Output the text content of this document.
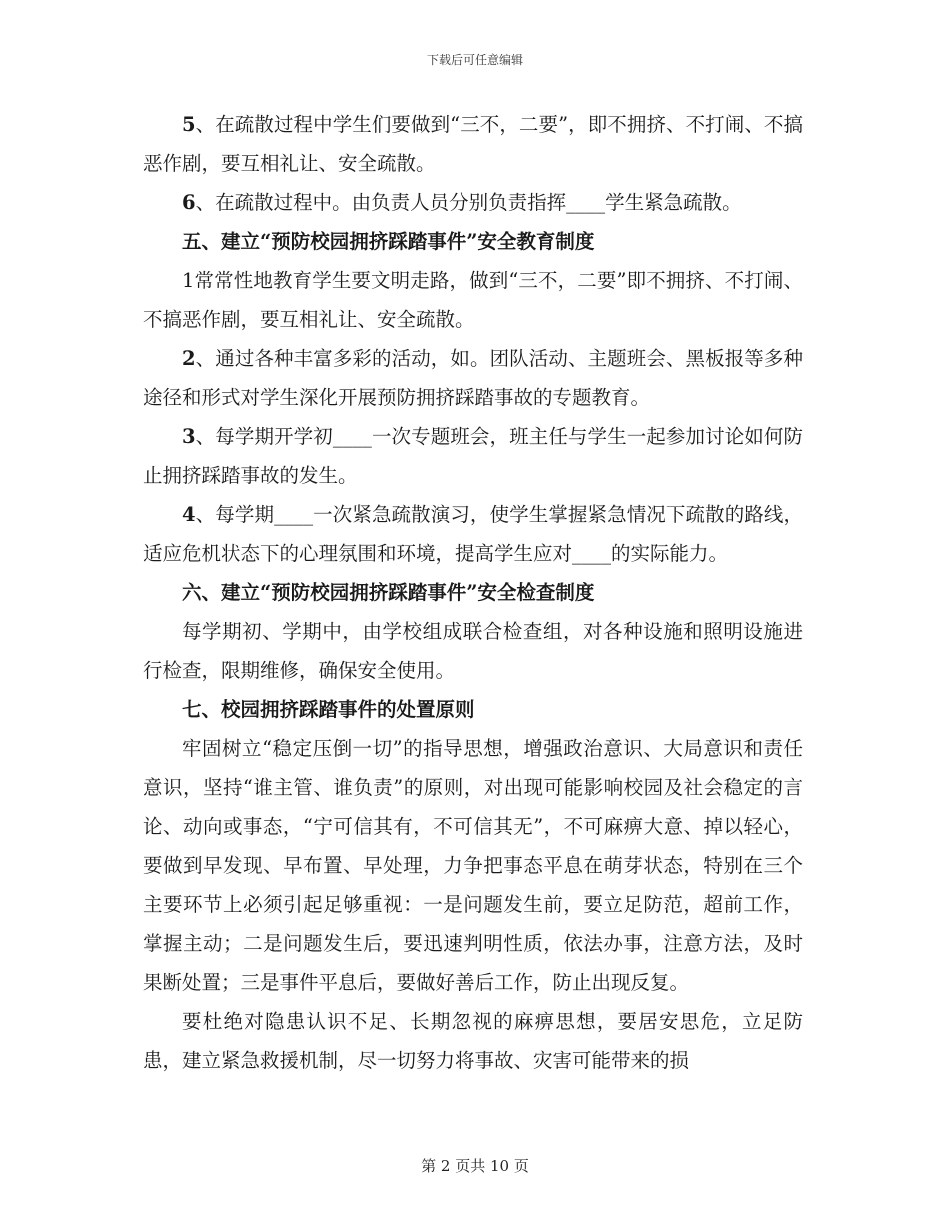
下载后可任意编辑

5、在疏散过程中学生们要做到“三不，二要”，即不拥挤、不打闹、不搞恶作剧，要互相礼让、安全疏散。

6、在疏散过程中。由负责人员分别负责指挥____学生紧急疏散。

五、建立“预防校园拥挤踩踏事件”安全教育制度

1常常性地教育学生要文明走路，做到“三不，二要”即不拥挤、不打闹、不搞恶作剧，要互相礼让、安全疏散。

2、通过各种丰富多彩的活动，如。团队活动、主题班会、黑板报等多种途径和形式对学生深化开展预防拥挤踩踏事故的专题教育。

3、每学期开学初____一次专题班会，班主任与学生一起参加讨论如何防止拥挤踩踏事故的发生。

4、每学期____一次紧急疏散演习，使学生掌握紧急情况下疏散的路线，适应危机状态下的心理氛围和环境，提高学生应对____的实际能力。

六、建立“预防校园拥挤踩踏事件”安全检查制度

每学期初、学期中，由学校组成联合检查组，对各种设施和照明设施进行检查，限期维修，确保安全使用。

七、校园拥挤踩踏事件的处置原则

牢固树立“稳定压倒一切”的指导思想，增强政治意识、大局意识和责任意识，坚持“谁主管、谁负责”的原则，对出现可能影响校园及社会稳定的言论、动向或事态，“宁可信其有，不可信其无”，不可麻痹大意、掉以轻心，要做到早发现、早布置、早处理，力争把事态平息在萌芽状态，特别在三个主要环节上必须引起足够重视：一是问题发生前，要立足防范，超前工作，掌握主动；二是问题发生后，要迅速判明性质，依法办事，注意方法，及时果断处置；三是事件平息后，要做好善后工作，防止出现反复。

要杜绝对隐患认识不足、长期忽视的麻痹思想，要居安思危，立足防患，建立紧急救援机制，尽一切努力将事故、灾害可能带来的损

第 2 页共 10 页
